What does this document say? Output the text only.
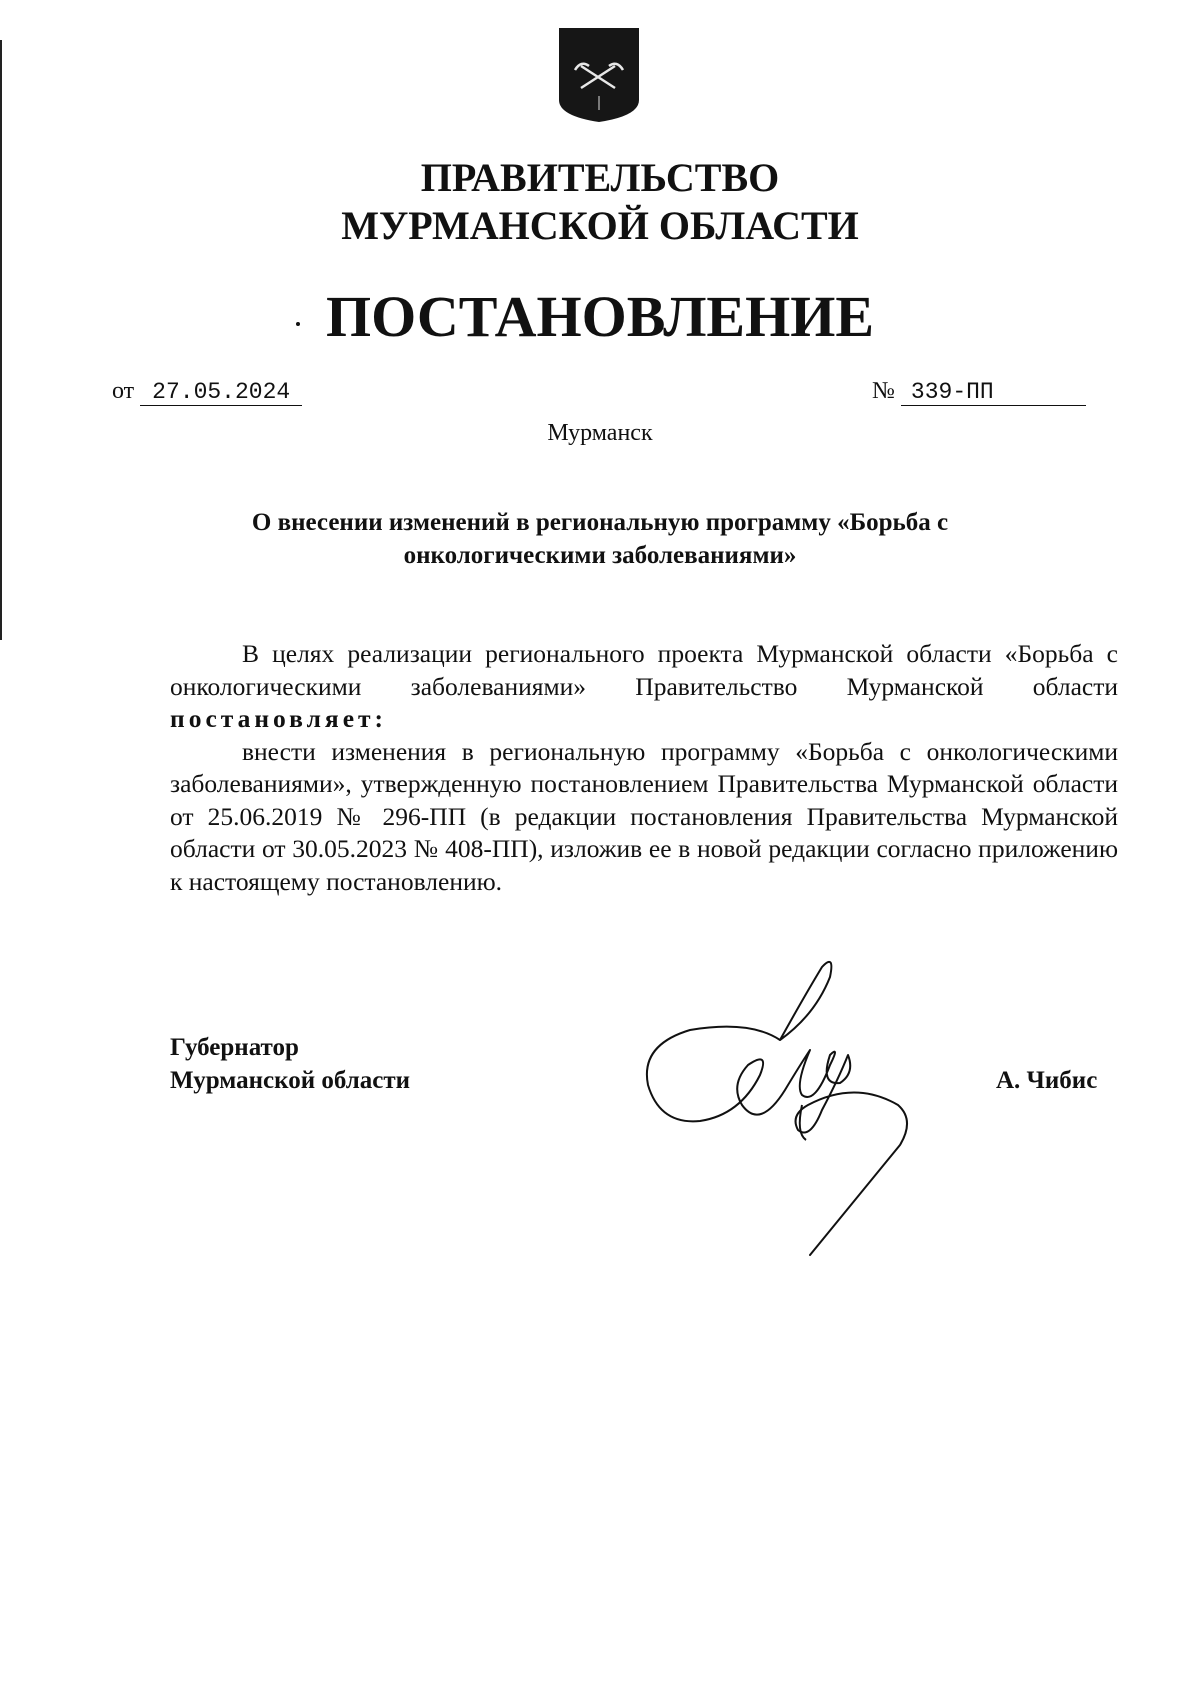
ПРАВИТЕЛЬСТВО
МУРМАНСКОЙ ОБЛАСТИ
ПОСТАНОВЛЕНИЕ
от 27.05.2024	№ 339-ПП
Мурманск
О внесении изменений в региональную программу «Борьба с
онкологическими заболеваниями»

В целях реализации регионального проекта Мурманской области «Борьба с онкологическими заболеваниями» Правительство Мурманской области постановляет:

внести изменения в региональную программу «Борьба с онкологическими заболеваниями», утвержденную постановлением Правительства Мурманской области от 25.06.2019 № 296-ПП (в редакции постановления Правительства Мурманской области от 30.05.2023 № 408-ПП), изложив ее в новой редакции согласно приложению к настоящему постановлению.

Губернатор
Мурманской области	А. Чибис
